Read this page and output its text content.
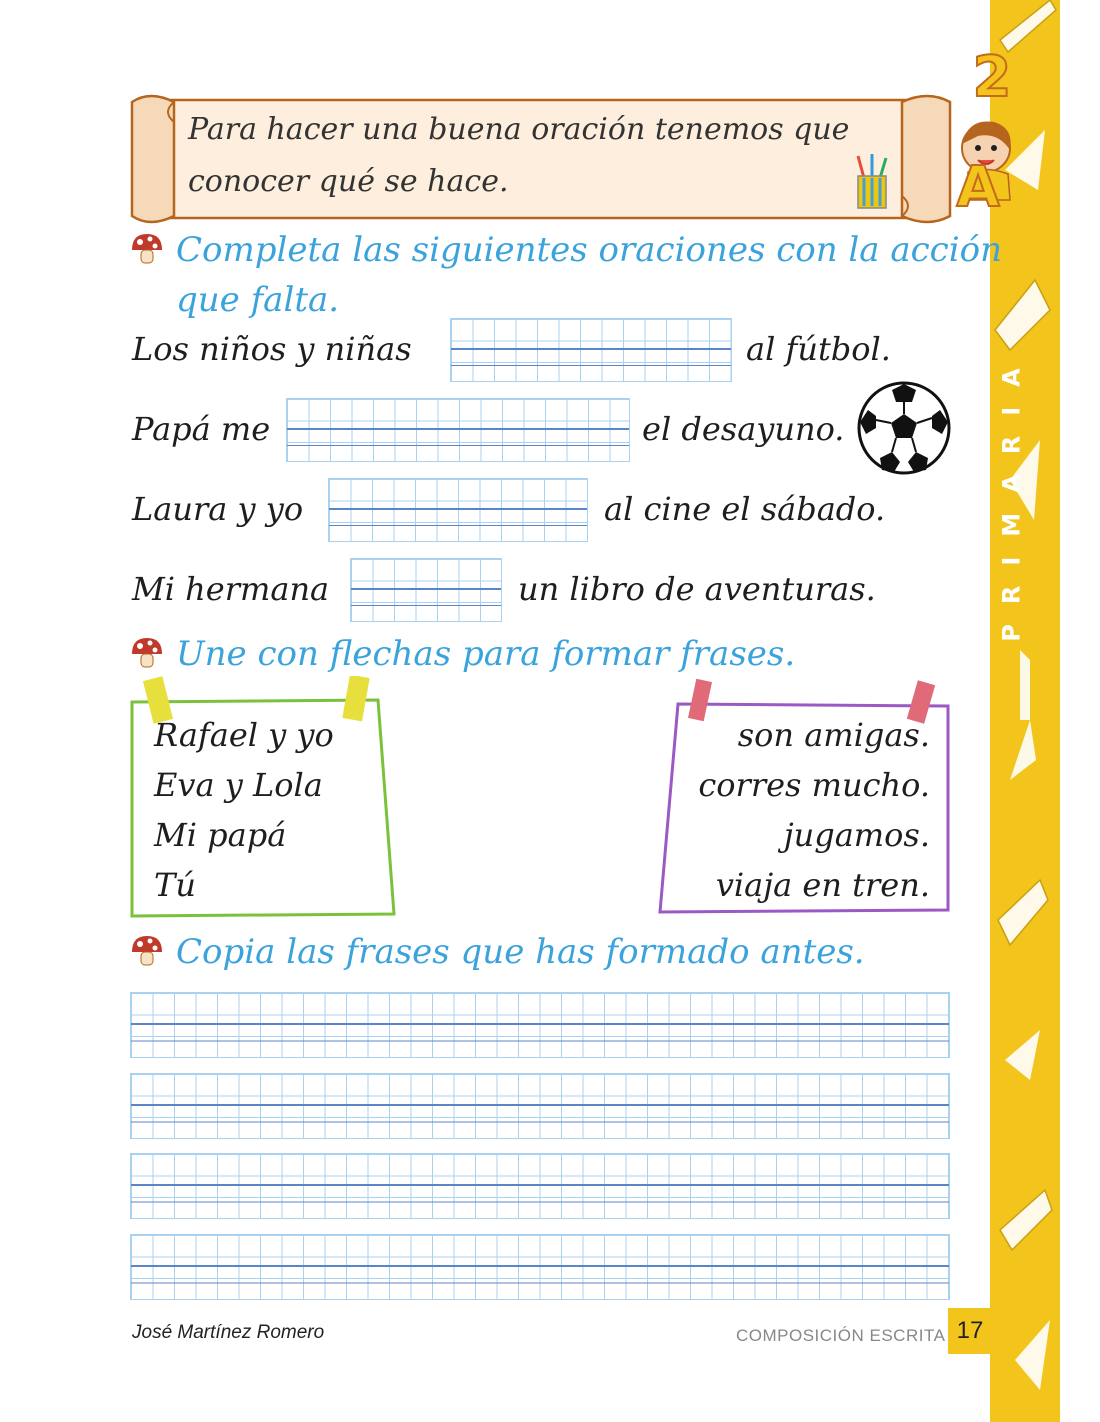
2
A
PRIMARIA
Para hacer una buena oración tenemos que
conocer qué se hace.
Completa las siguientes oraciones con la acción
que falta.
Los niños y niñas	al fútbol.
Papá me	el desayuno.
Laura y yo	al cine el sábado.
Mi hermana	un libro de aventuras.
Une con flechas para formar frases.
Rafael y yo
Eva y Lola
Mi papá
Tú
son amigas.
corres mucho.
jugamos.
viaja en tren.
Copia las frases que has formado antes.
José Martínez Romero	COMPOSICIÓN ESCRITA 17
